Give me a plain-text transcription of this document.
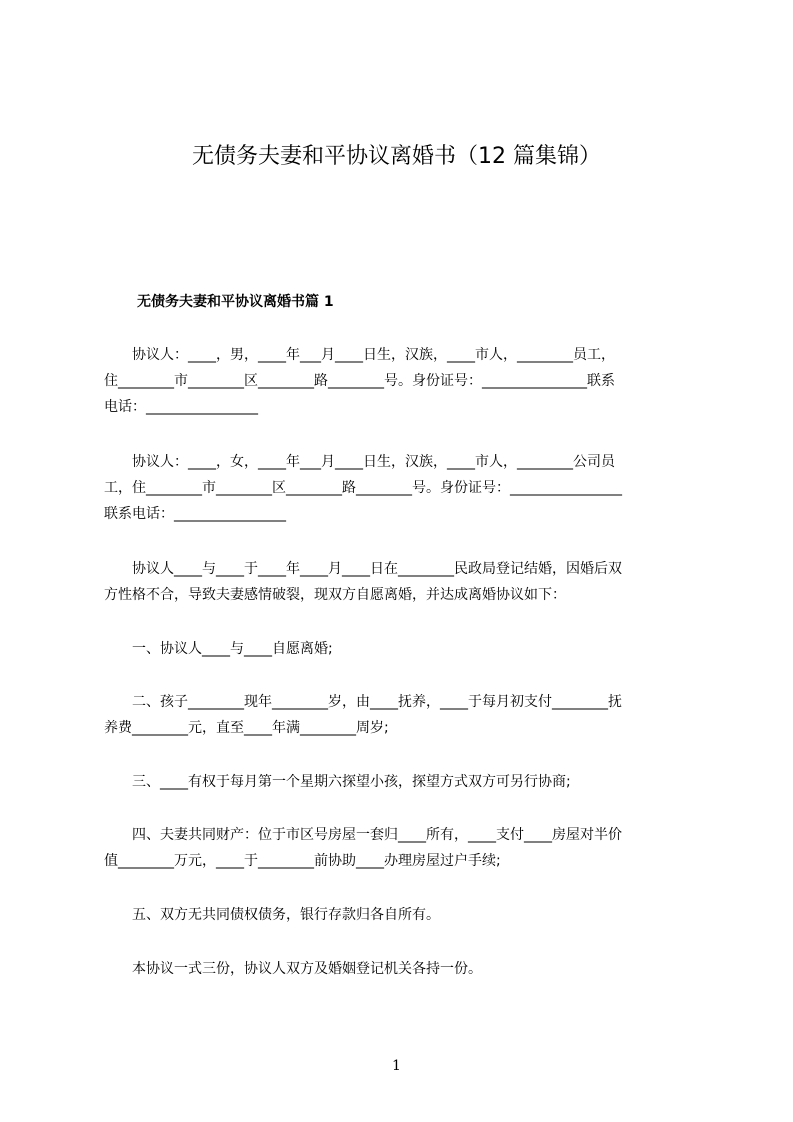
无债务夫妻和平协议离婚书（12 篇集锦）
无债务夫妻和平协议离婚书篇 1
　　协议人：____，男，____年___月____日生，汉族，____市人，________员工，
住________市________区________路________号。身份证号：_______________联系
电话：________________
　　协议人：____，女，____年___月____日生，汉族，____市人，________公司员
工，住________市________区________路________号。身份证号：________________
联系电话：________________
　　协议人____与____于____年____月____日在________民政局登记结婚，因婚后双
方性格不合，导致夫妻感情破裂，现双方自愿离婚，并达成离婚协议如下：
　　一、协议人____与____自愿离婚;
　　二、孩子________现年________岁，由____抚养，____于每月初支付________抚
养费________元，直至____年满________周岁;
　　三、____有权于每月第一个星期六探望小孩，探望方式双方可另行协商;
　　四、夫妻共同财产：位于市区号房屋一套归____所有，____支付____房屋对半价
值________万元，____于________前协助____办理房屋过户手续;
　　五、双方无共同债权债务，银行存款归各自所有。
　　本协议一式三份，协议人双方及婚姻登记机关各持一份。
1
